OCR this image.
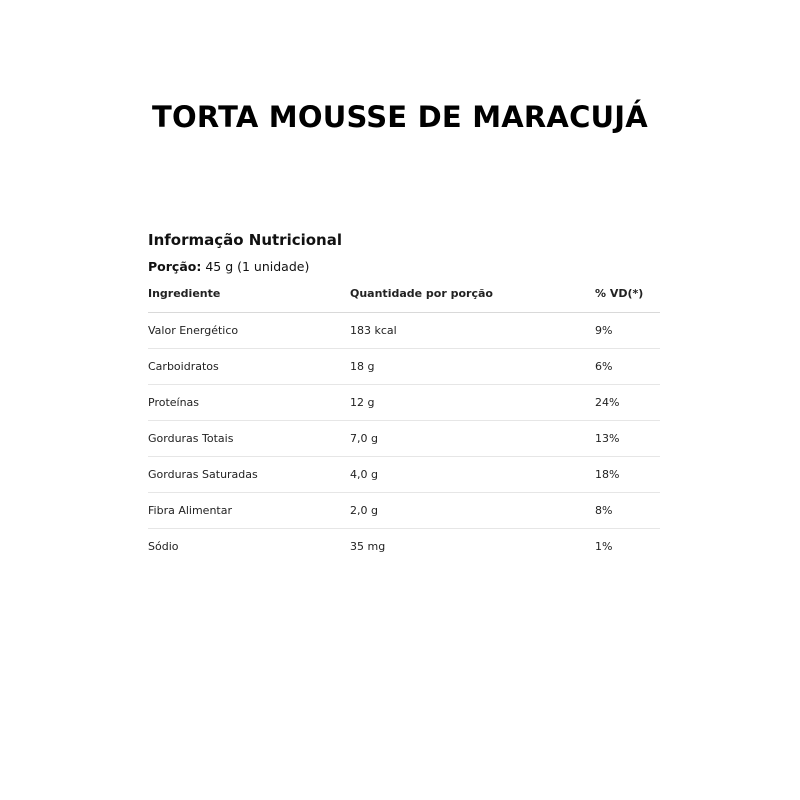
TORTA MOUSSE DE MARACUJÁ
Informação Nutricional
Porção: 45 g (1 unidade)
Ingrediente	Quantidade por porção	% VD(*)
Valor Energético	183 kcal	9%
Carboidratos	18 g	6%
Proteínas	12 g	24%
Gorduras Totais	7,0 g	13%
Gorduras Saturadas	4,0 g	18%
Fibra Alimentar	2,0 g	8%
Sódio	35 mg	1%
